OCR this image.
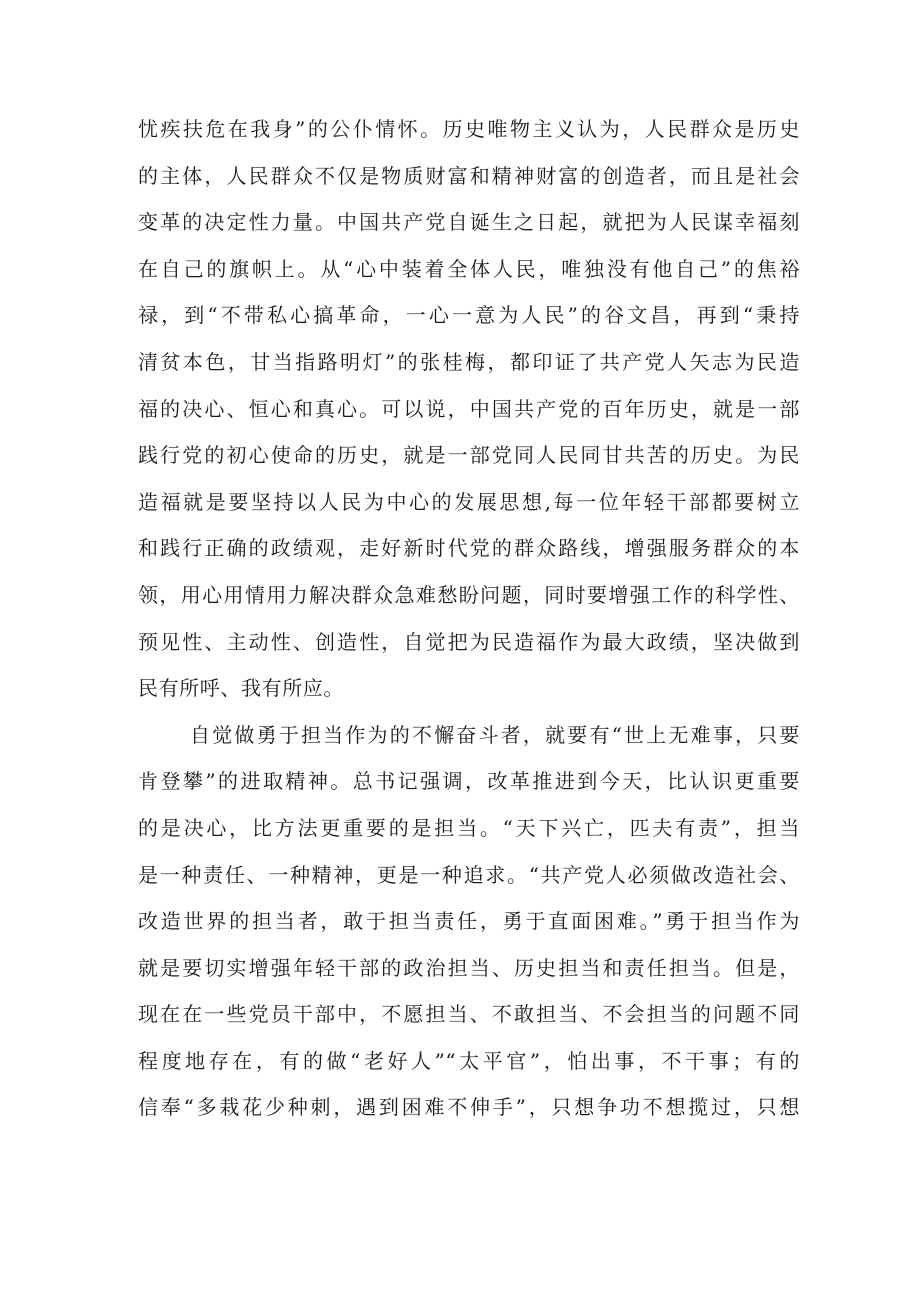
忧疾扶危在我身”的公仆情怀。历史唯物主义认为，人民群众是历史
的主体，人民群众不仅是物质财富和精神财富的创造者，而且是社会
变革的决定性力量。中国共产党自诞生之日起，就把为人民谋幸福刻
在自己的旗帜上。从“心中装着全体人民，唯独没有他自己”的焦裕
禄，到“不带私心搞革命，一心一意为人民”的谷文昌，再到“秉持
清贫本色，甘当指路明灯”的张桂梅，都印证了共产党人矢志为民造
福的决心、恒心和真心。可以说，中国共产党的百年历史，就是一部
践行党的初心使命的历史，就是一部党同人民同甘共苦的历史。为民
造福就是要坚持以人民为中心的发展思想,每一位年轻干部都要树立
和践行正确的政绩观，走好新时代党的群众路线，增强服务群众的本
领，用心用情用力解决群众急难愁盼问题，同时要增强工作的科学性、
预见性、主动性、创造性，自觉把为民造福作为最大政绩，坚决做到
民有所呼、我有所应。
自觉做勇于担当作为的不懈奋斗者，就要有“世上无难事，只要
肯登攀”的进取精神。总书记强调，改革推进到今天，比认识更重要
的是决心，比方法更重要的是担当。“天下兴亡，匹夫有责”，担当
是一种责任、一种精神，更是一种追求。“共产党人必须做改造社会、
改造世界的担当者，敢于担当责任，勇于直面困难。”勇于担当作为
就是要切实增强年轻干部的政治担当、历史担当和责任担当。但是，
现在在一些党员干部中，不愿担当、不敢担当、不会担当的问题不同
程度地存在，有的做“老好人”“太平官”，怕出事，不干事；有的
信奉“多栽花少种刺，遇到困难不伸手”，只想争功不想揽过，只想
